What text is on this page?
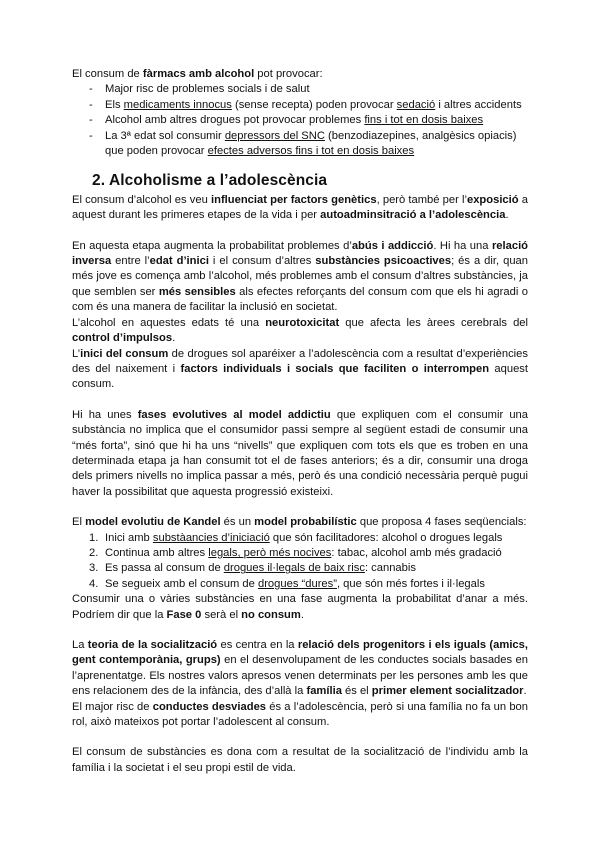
El consum de fàrmacs amb alcohol pot provocar:

- Major risc de problemes socials i de salut
- Els medicaments innocus (sense recepta) poden provocar sedació i altres accidents
- Alcohol amb altres drogues pot provocar problemes fins i tot en dosis baixes
- La 3ª edat sol consumir depressors del SNC (benzodiazepines, analgèsics opiacis) que poden provocar efectes adversos fins i tot en dosis baixes
2. Alcoholisme a l’adolescència

El consum d’alcohol es veu influenciat per factors genètics, però també per l’exposició a aquest durant les primeres etapes de la vida i per autoadminsitració a l’adolescència.

En aquesta etapa augmenta la probabilitat problemes d’abús i addicció. Hi ha una relació inversa entre l’edat d’inici i el consum d’altres substàncies psicoactives; és a dir, quan més jove es comença amb l’alcohol, més problemes amb el consum d’altres substàncies, ja que semblen ser més sensibles als efectes reforçants del consum com que els hi agradi o com és una manera de facilitar la inclusió en societat.

L’alcohol en aquestes edats té una neurotoxicitat que afecta les àrees cerebrals del control d’impulsos.

L’inici del consum de drogues sol aparéixer a l’adolescència com a resultat d’experiències des del naixement i factors individuals i socials que faciliten o interrompen aquest consum.

Hi ha unes fases evolutives al model addictiu que expliquen com el consumir una substància no implica que el consumidor passi sempre al següent estadi de consumir una “més forta”, sinó que hi ha uns “nivells” que expliquen com tots els que es troben en una determinada etapa ja han consumit tot el de fases anteriors; és a dir, consumir una droga dels primers nivells no implica passar a més, però és una condició necessària perquè pugui haver la possibilitat que aquesta progressió existeixi.

El model evolutiu de Kandel és un model probabilístic que proposa 4 fases seqüencials:

1. Inici amb substàancies d’iniciació que són facilitadores: alcohol o drogues legals
2. Continua amb altres legals, però més nocives: tabac, alcohol amb més gradació
3. Es passa al consum de drogues il·legals de baix risc: cannabis
4. Se segueix amb el consum de drogues “dures”, que són més fortes i il·legals

Consumir una o vàries substàncies en una fase augmenta la probabilitat d’anar a més. Podríem dir que la Fase 0 serà el no consum.

La teoria de la socialització es centra en la relació dels progenitors i els iguals (amics, gent contemporània, grups) en el desenvolupament de les conductes socials basades en l’aprenentatge. Els nostres valors apresos venen determinats per les persones amb les que ens relacionem des de la infància, des d’allà la família és el primer element socialitzador.

El major risc de conductes desviades és a l’adolescència, però si una família no fa un bon rol, això mateixos pot portar l’adolescent al consum.

El consum de substàncies es dona com a resultat de la socialització de l’individu amb la família i la societat i el seu propi estil de vida.
